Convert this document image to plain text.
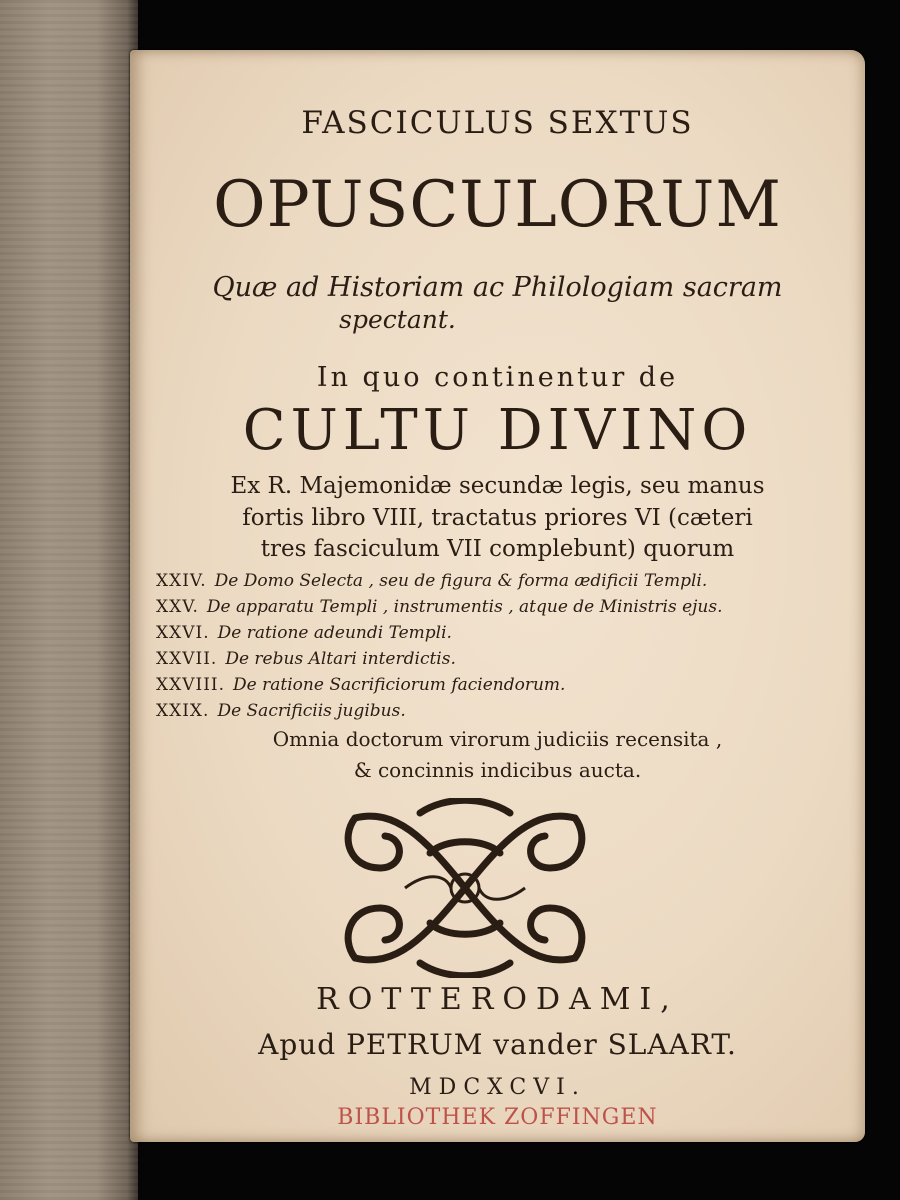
FASCICULUS SEXTUS
OPUSCULORUM
Quæ ad Historiam ac Philologiam sacram
spectant.
In quo continentur de
CULTU DIVINO
Ex R. Majemonidæ secundæ legis, seu manus
fortis libro VIII, tractatus priores VI (cæteri
tres fasciculum VII complebunt) quorum
XXIV. De Domo Selecta , seu de figura & forma ædificii Templi.
XXV. De apparatu Templi , instrumentis , atque de Ministris ejus.
XXVI. De ratione adeundi Templi.
XXVII. De rebus Altari interdictis.
XXVIII. De ratione Sacrificiorum faciendorum.
XXIX. De Sacrificiis jugibus.
Omnia doctorum virorum judiciis recensita ,
& concinnis indicibus aucta.
ROTTERODAMI,
Apud PETRUM vander SLAART.
MDCXCVI.
BIBLIOTHEK ZOFFINGEN
